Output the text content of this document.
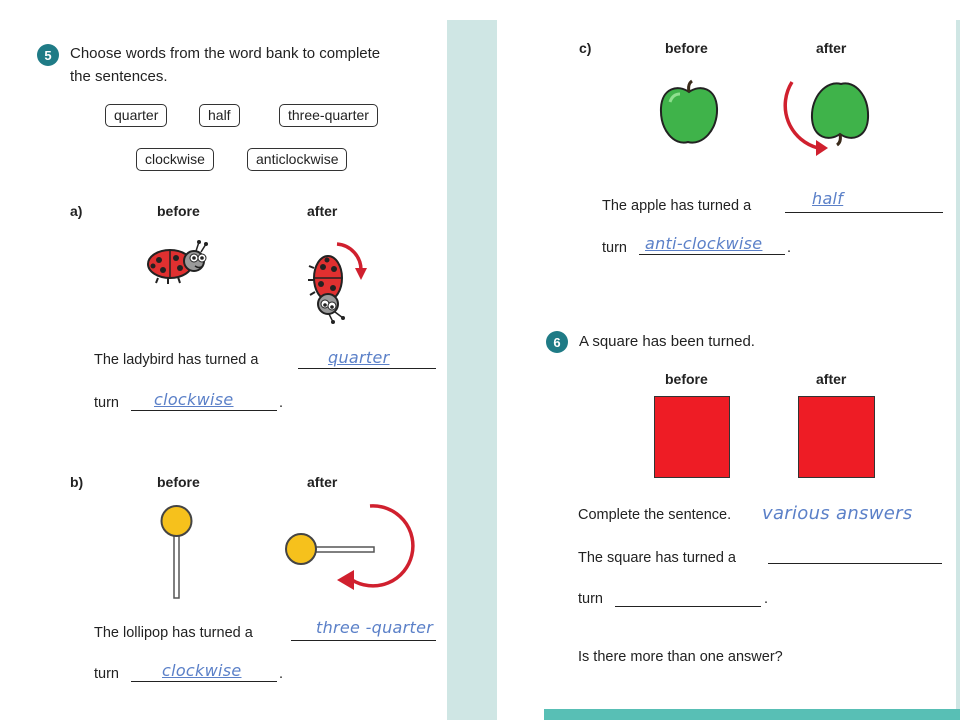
5	Choose words from the word bank to complete
the sentences.
quarter	half	three-quarter
clockwise	anticlockwise
a)	before	after
The ladybird has turned a	quarter
turn clockwise	.
b)	before	after
The lollipop has turned a	three -quarter
turn	clockwise	.
c)	before	after
The apple has turned a	half
turn anti-clockwise .
6	A square has been turned.
before	after
Complete the sentence. various answers
The square has turned a
turn	.
Is there more than one answer?
